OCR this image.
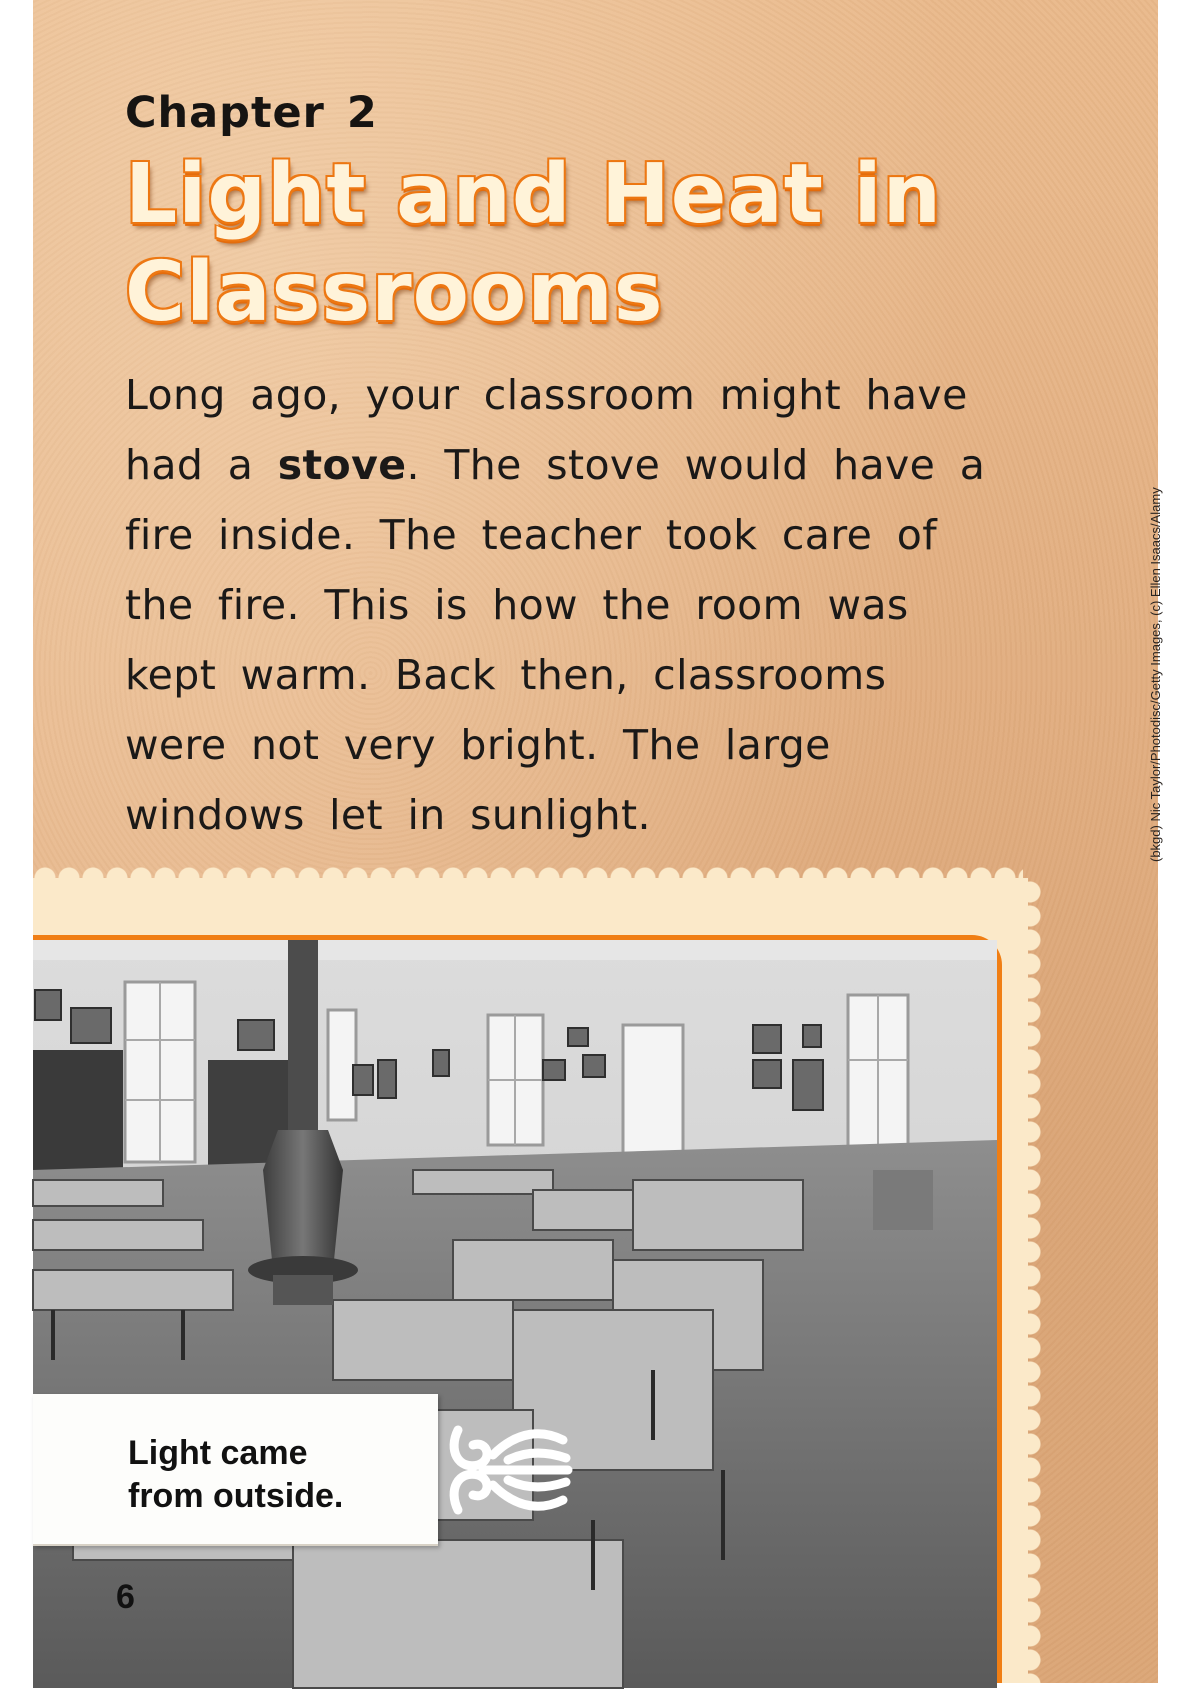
Chapter 2

Light and Heat in
Classrooms

Long ago, your classroom might have
had a stove. The stove would have a
fire inside. The teacher took care of
the fire. This is how the room was
kept warm. Back then, classrooms
were not very bright. The large
windows let in sunlight.	(bkgd) Nic Taylor/Photodisc/Getty Images, (c) Ellen Isaacs/Alamy

Light came
from outside.

6
